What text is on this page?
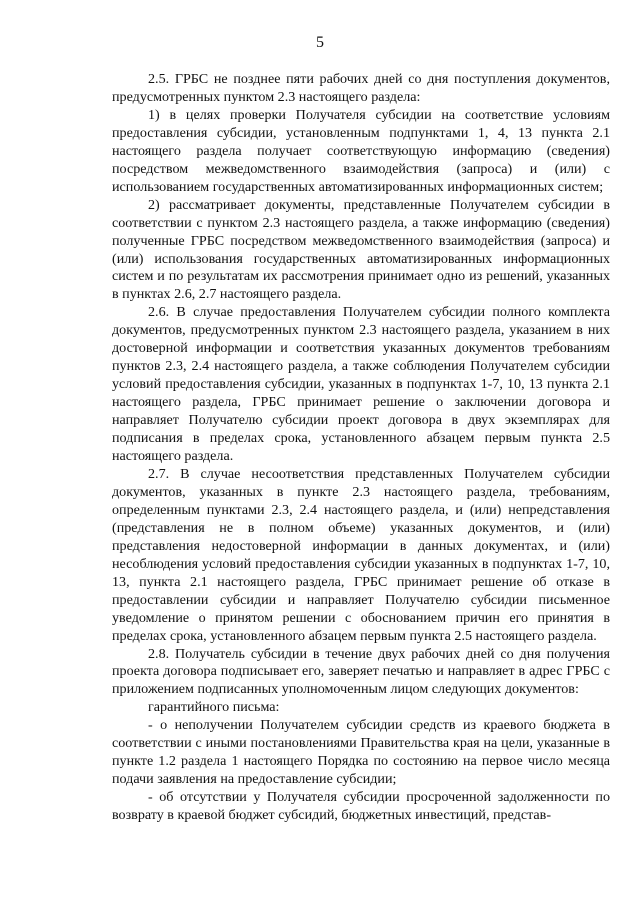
5

2.5. ГРБС не позднее пяти рабочих дней со дня поступления документов, предусмотренных пунктом 2.3 настоящего раздела:

1) в целях проверки Получателя субсидии на соответствие условиям предоставления субсидии, установленным подпунктами 1, 4, 13 пункта 2.1 настоящего раздела получает соответствующую информацию (сведения) посредством межведомственного взаимодействия (запроса) и (или) с использованием государственных автоматизированных информационных систем;

2) рассматривает документы, представленные Получателем субсидии в соответствии с пунктом 2.3 настоящего раздела, а также информацию (сведения) полученные ГРБС посредством межведомственного взаимодействия (запроса) и (или) использования государственных автоматизированных информационных систем и по результатам их рассмотрения принимает одно из решений, указанных в пунктах 2.6, 2.7 настоящего раздела.

2.6. В случае предоставления Получателем субсидии полного комплекта документов, предусмотренных пунктом 2.3 настоящего раздела, указанием в них достоверной информации и соответствия указанных документов требованиям пунктов 2.3, 2.4 настоящего раздела, а также соблюдения Получателем субсидии условий предоставления субсидии, указанных в подпунктах 1-7, 10, 13 пункта 2.1 настоящего раздела, ГРБС принимает решение о заключении договора и направляет Получателю субсидии проект договора в двух экземплярах для подписания в пределах срока, установленного абзацем первым пункта 2.5 настоящего раздела.

2.7. В случае несоответствия представленных Получателем субсидии документов, указанных в пункте 2.3 настоящего раздела, требованиям, определенным пунктами 2.3, 2.4 настоящего раздела, и (или) непредставления (представления не в полном объеме) указанных документов, и (или) представления недостоверной информации в данных документах, и (или) несоблюдения условий предоставления субсидии указанных в подпунктах 1-7, 10, 13, пункта 2.1 настоящего раздела, ГРБС принимает решение об отказе в предоставлении субсидии и направляет Получателю субсидии письменное уведомление о принятом решении с обоснованием причин его принятия в пределах срока, установленного абзацем первым пункта 2.5 настоящего раздела.

2.8. Получатель субсидии в течение двух рабочих дней со дня получения проекта договора подписывает его, заверяет печатью и направляет в адрес ГРБС с приложением подписанных уполномоченным лицом следующих документов:

гарантийного письма:

- о неполучении Получателем субсидии средств из краевого бюджета в соответствии с иными постановлениями Правительства края на цели, указанные в пункте 1.2 раздела 1 настоящего Порядка по состоянию на первое число месяца подачи заявления на предоставление субсидии;

- об отсутствии у Получателя субсидии просроченной задолженности по возврату в краевой бюджет субсидий, бюджетных инвестиций, представ-
